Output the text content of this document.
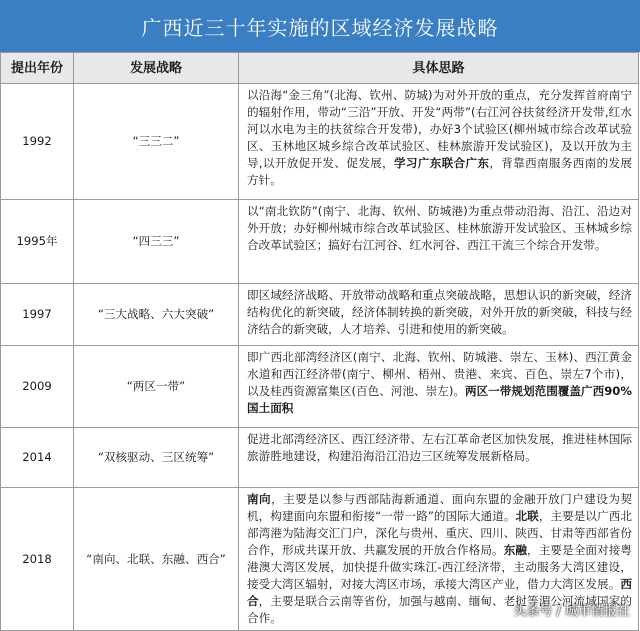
广西近三十年实施的区域经济发展战略
提出年份	发展战略	具体思路
1992	“三三二”	以沿海“金三角”(北海、钦州、防城)为对外开放的重点，充分发挥首府南宁的辐射作用，带动“三沿”开放、开发“两带”(右江河谷扶贫经济开发带,红水河以水电为主的扶贫综合开发带)，办好3个试验区(柳州城市综合改革试验区、玉林地区城乡综合改革试验区、桂林旅游开发试验区)，及以开放为主导,以开放促开发、促发展，学习广东联合广东，背靠西南服务西南的发展方针。
1995年	“四三三”	以“南北钦防”(南宁、北海、钦州、防城港)为重点带动沿海、沿江、沿边对外开放；办好柳州城市综合改革试验区、桂林旅游开发试验区、玉林城乡综合改革试验区；搞好右江河谷、红水河谷、西江干流三个综合开发带。
1997	“三大战略、六大突破”	即区域经济战略、开放带动战略和重点突破战略，思想认识的新突破，经济结构优化的新突破，经济体制转换的新突破，对外开放的新突破，科技与经济结合的新突破，人才培养、引进和使用的新突破。
2009	“两区一带”	即广西北部湾经济区(南宁、北海、钦州、防城港、崇左、玉林)、西江黄金水道和西江经济带(南宁、柳州、梧州、贵港、来宾、百色、崇左7个市)，以及桂西资源富集区(百色、河池、崇左)。两区一带规划范围覆盖广西90%国土面积
2014	“双核驱动、三区统筹”	促进北部湾经济区、西江经济带、左右江革命老区加快发展，推进桂林国际旅游胜地建设，构建沿海沿江沿边三区统筹发展新格局。
2018	“南向、北联、东融、西合”	南向，主要是以参与西部陆海新通道、面向东盟的金融开放门户建设为契机，构建面向东盟和衔接“一带一路”的国际大通道。北联，主要是以广西北部湾港为陆海交汇门户，深化与贵州、重庆、四川、陕西、甘肃等西部省份合作，形成共谋开放、共赢发展的开放合作格局。东融，主要是全面对接粤港澳大湾区发展，加快提升做实珠江-西江经济带，主动服务大湾区建设，接受大湾区辐射，对接大湾区市场，承接大湾区产业，借力大湾区发展。西合，主要是联合云南等省份，加强与越南、缅甸、老挝等湄公河流域国家的合作。	头条号 / 城市情报社
